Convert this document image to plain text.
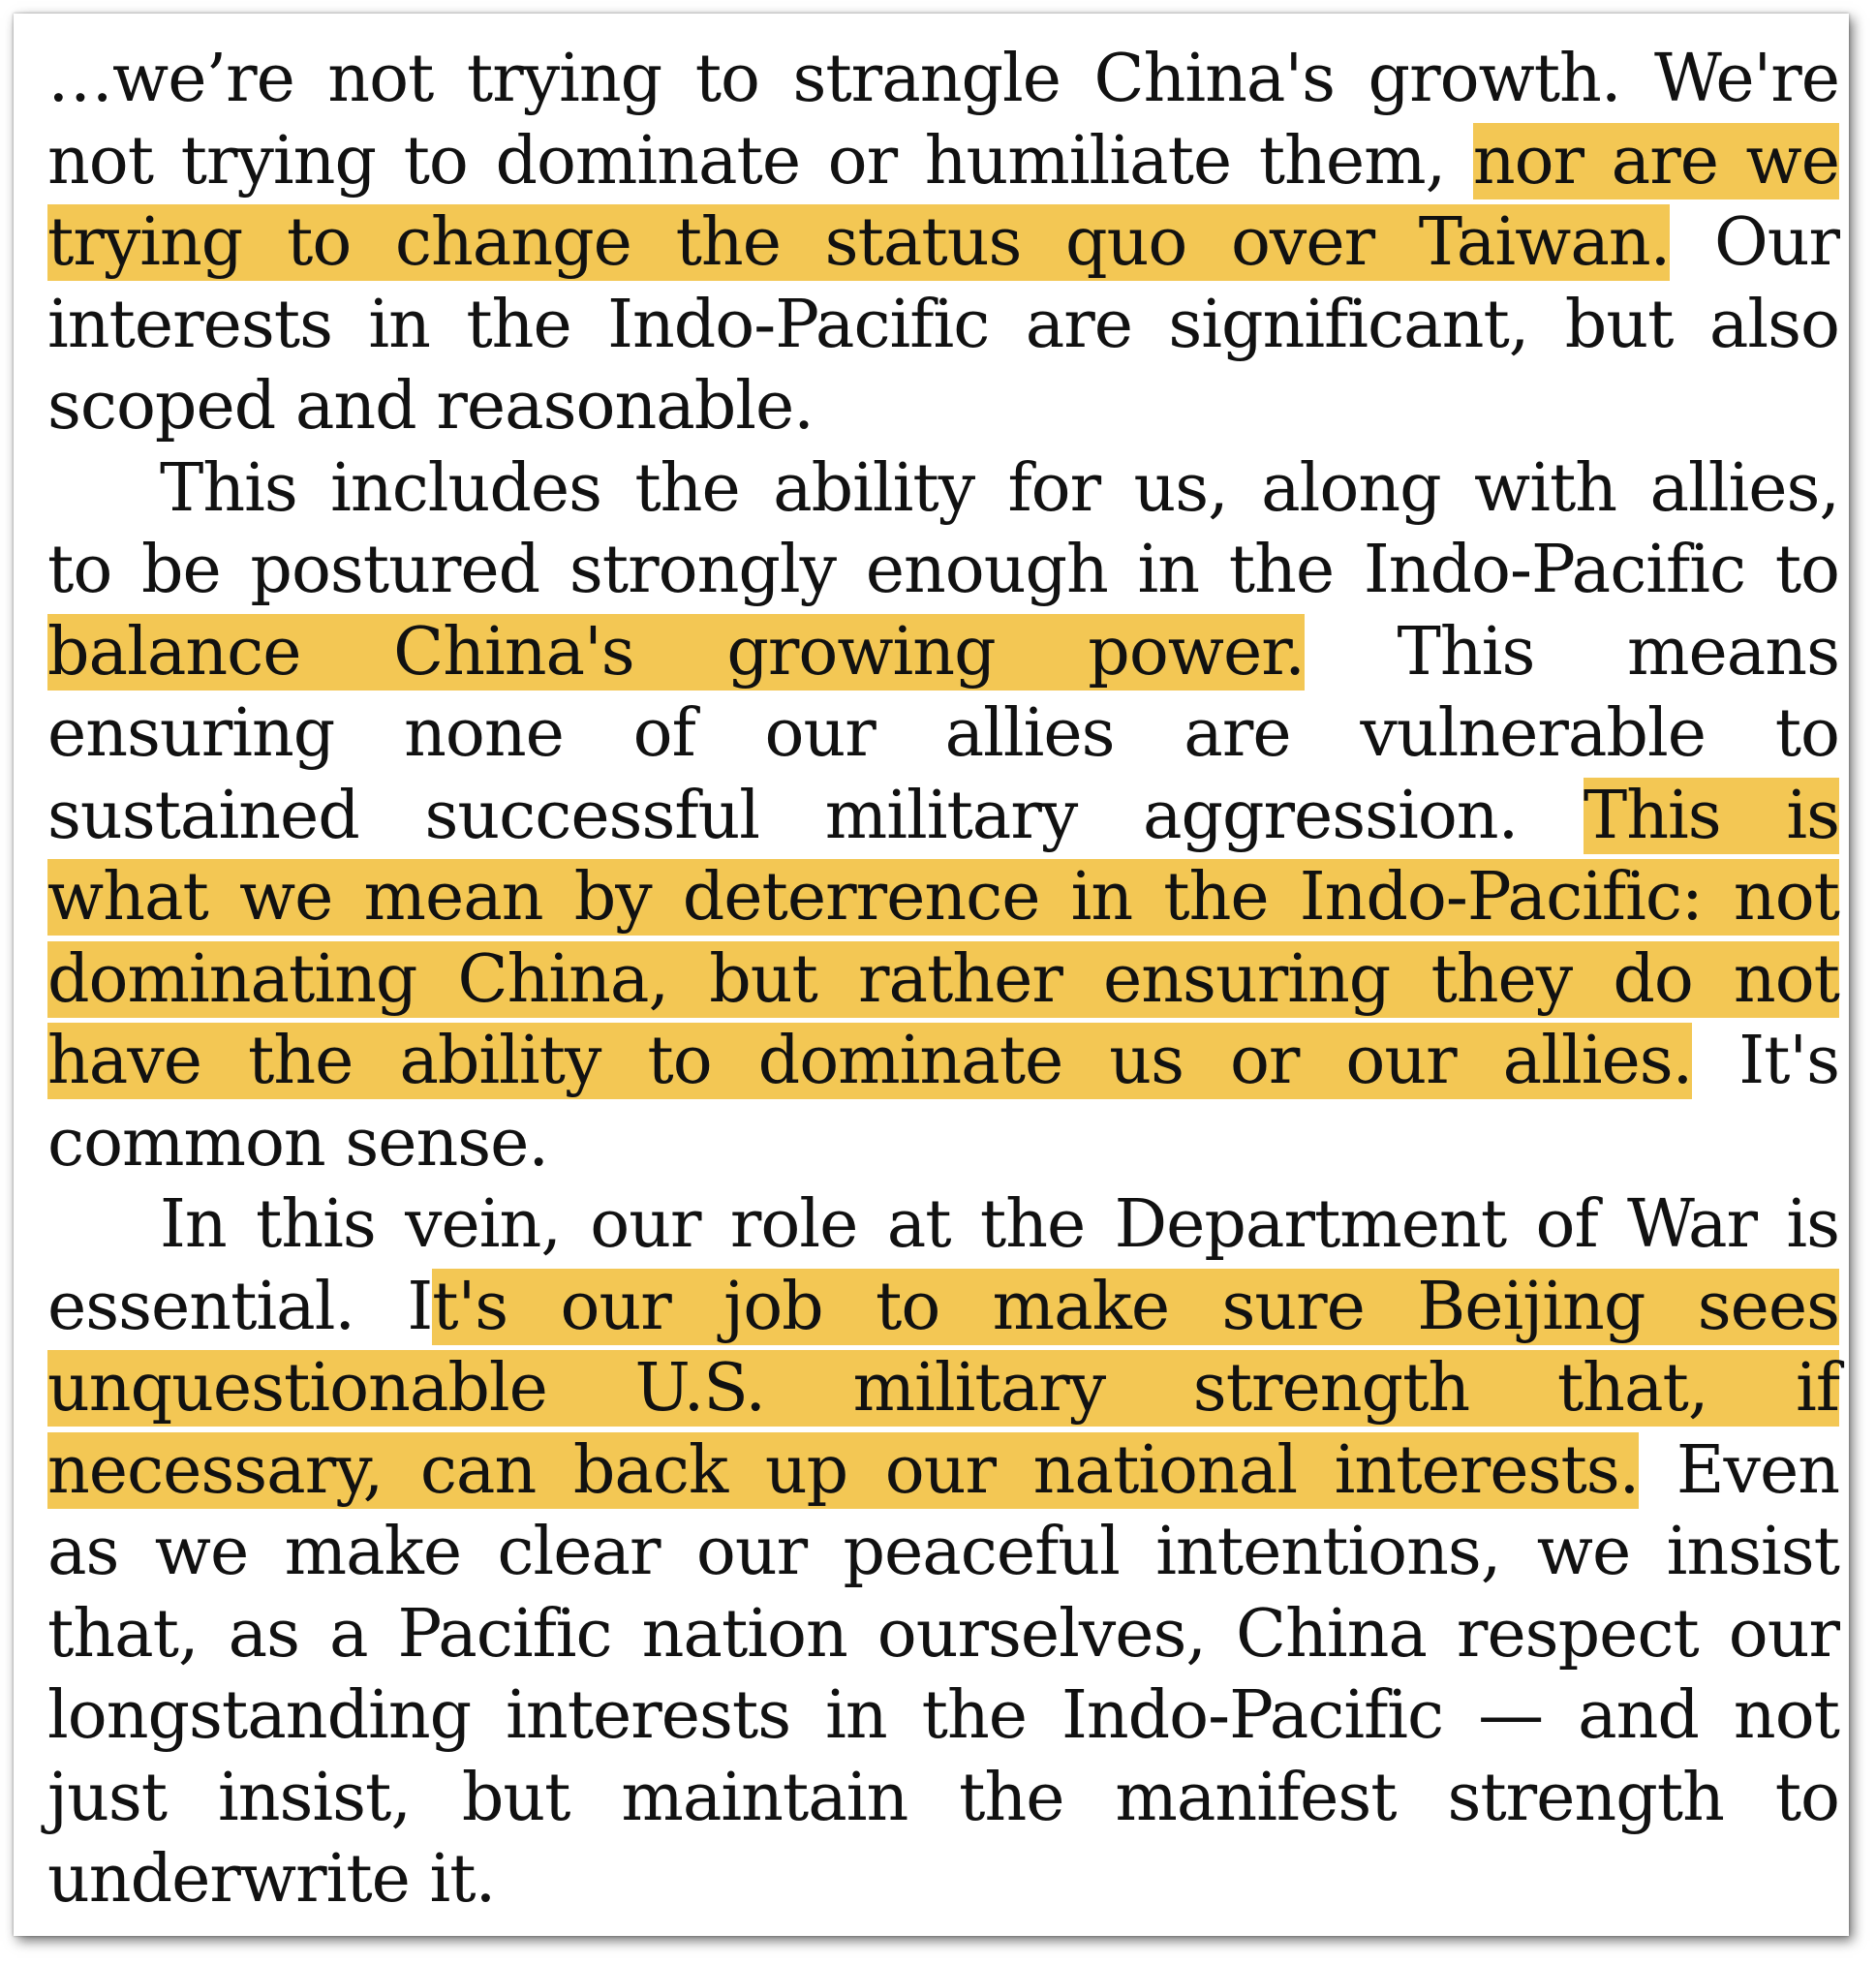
…we’re not trying to strangle China's growth. We're
not trying to dominate or humiliate them, nor are we
trying to change the status quo over Taiwan. Our
interests in the Indo-Pacific are significant, but also
scoped and reasonable.
This includes the ability for us, along with allies,
to be postured strongly enough in the Indo-Pacific to
balance China's growing power. This means
ensuring none of our allies are vulnerable to
sustained successful military aggression. This is
what we mean by deterrence in the Indo-Pacific: not
dominating China, but rather ensuring they do not
have the ability to dominate us or our allies. It's
common sense.
In this vein, our role at the Department of War is
essential. It's our job to make sure Beijing sees
unquestionable U.S. military strength that, if
necessary, can back up our national interests. Even
as we make clear our peaceful intentions, we insist
that, as a Pacific nation ourselves, China respect our
longstanding interests in the Indo-Pacific — and not
just insist, but maintain the manifest strength to
underwrite it.
